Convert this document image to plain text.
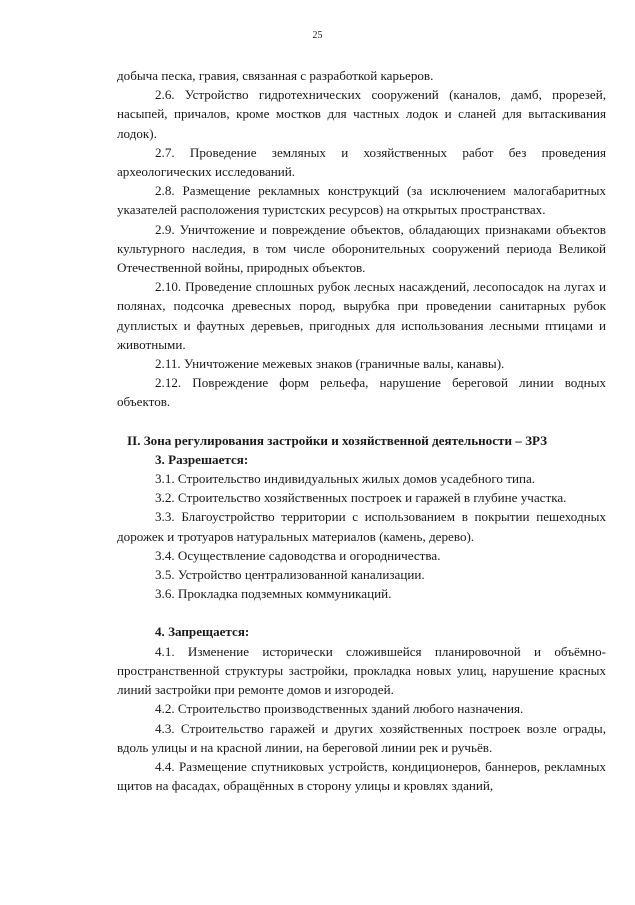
25

добыча песка, гравия, связанная с разработкой карьеров.

2.6. Устройство гидротехнических сооружений (каналов, дамб, прорезей, насыпей, причалов, кроме мостков для частных лодок и сланей для вытаскивания лодок).

2.7. Проведение земляных и хозяйственных работ без проведения археологических исследований.

2.8. Размещение рекламных конструкций (за исключением малогабаритных указателей расположения туристских ресурсов) на открытых пространствах.

2.9. Уничтожение и повреждение объектов, обладающих признаками объектов культурного наследия, в том числе оборонительных сооружений периода Великой Отечественной войны, природных объектов.

2.10. Проведение сплошных рубок лесных насаждений, лесопосадок на лугах и полянах, подсочка древесных пород, вырубка при проведении санитарных рубок дуплистых и фаутных деревьев, пригодных для использования лесными птицами и животными.

2.11. Уничтожение межевых знаков (граничные валы, канавы).

2.12. Повреждение форм рельефа, нарушение береговой линии водных объектов.

II. Зона регулирования застройки и хозяйственной деятельности – ЗРЗ

3. Разрешается:

3.1. Строительство индивидуальных жилых домов усадебного типа.

3.2. Строительство хозяйственных построек и гаражей в глубине участка.

3.3. Благоустройство территории с использованием в покрытии пешеходных дорожек и тротуаров натуральных материалов (камень, дерево).

3.4. Осуществление садоводства и огородничества.

3.5. Устройство централизованной канализации.

3.6. Прокладка подземных коммуникаций.

4. Запрещается:

4.1. Изменение исторически сложившейся планировочной и объёмно-пространственной структуры застройки, прокладка новых улиц, нарушение красных линий застройки при ремонте домов и изгородей.

4.2. Строительство производственных зданий любого назначения.

4.3. Строительство гаражей и других хозяйственных построек возле ограды, вдоль улицы и на красной линии, на береговой линии рек и ручьёв.

4.4. Размещение спутниковых устройств, кондиционеров, баннеров, рекламных щитов на фасадах, обращённых в сторону улицы и кровлях зданий,
